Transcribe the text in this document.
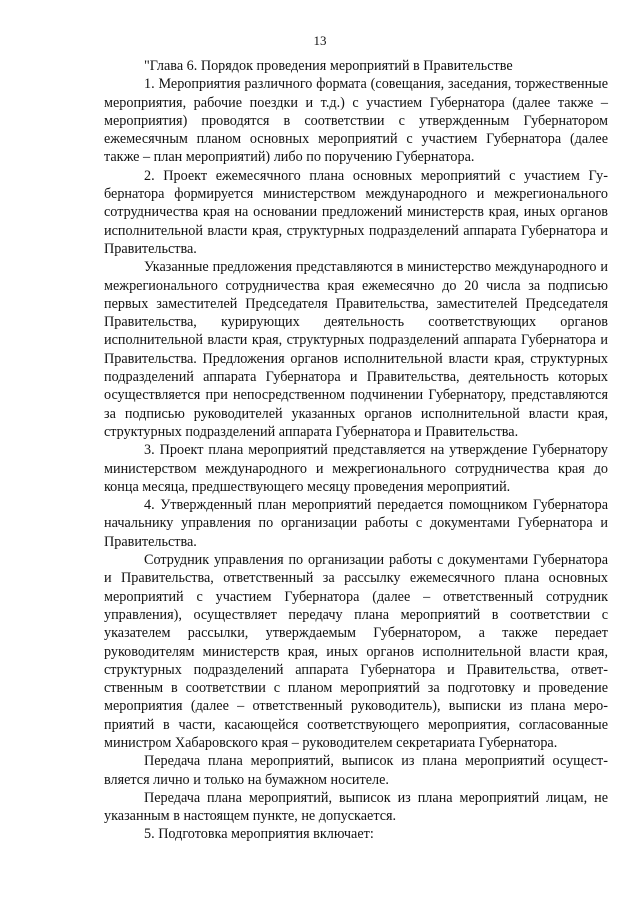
13

"Глава 6. Порядок проведения мероприятий в Правительстве

1. Мероприятия различного формата (совещания, заседания, торжественные мероприятия, рабочие поездки и т.д.) с участием Губернатора (далее также – мероприятия) проводятся в соответствии с утвержденным Губернатором ежемесячным планом основных мероприятий с участием Губернатора (далее также – план мероприятий) либо по поручению Губернатора.

2. Проект ежемесячного плана основных мероприятий с участием Губернатора формируется министерством международного и межрегионального сотрудничества края на основании предложений министерств края, иных органов исполнительной власти края, структурных подразделений аппарата Губернатора и Правительства.

Указанные предложения представляются в министерство международного и межрегионального сотрудничества края ежемесячно до 20 числа за подписью первых заместителей Председателя Правительства, заместителей Председателя Правительства, курирующих деятельность соответствующих органов исполнительной власти края, структурных подразделений аппарата Губернатора и Правительства. Предложения органов исполнительной власти края, структурных подразделений аппарата Губернатора и Правительства, деятельность которых осуществляется при непосредственном подчинении Губернатору, представляются за подписью руководителей указанных органов исполнительной власти края, структурных подразделений аппарата Губернатора и Правительства.

3. Проект плана мероприятий представляется на утверждение Губернатору министерством международного и межрегионального сотрудничества края до конца месяца, предшествующего месяцу проведения мероприятий.

4. Утвержденный план мероприятий передается помощником Губернатора начальнику управления по организации работы с документами Губернатора и Правительства.

Сотрудник управления по организации работы с документами Губернатора и Правительства, ответственный за рассылку ежемесячного плана основных мероприятий с участием Губернатора (далее – ответственный сотрудник управления), осуществляет передачу плана мероприятий в соответствии с указателем рассылки, утверждаемым Губернатором, а также передает руководителям министерств края, иных органов исполнительной власти края, структурных подразделений аппарата Губернатора и Правительства, ответственным в соответствии с планом мероприятий за подготовку и проведение мероприятия (далее – ответственный руководитель), выписки из плана мероприятий в части, касающейся соответствующего мероприятия, согласованные министром Хабаровского края – руководителем секретариата Губернатора.

Передача плана мероприятий, выписок из плана мероприятий осуществляется лично и только на бумажном носителе.

Передача плана мероприятий, выписок из плана мероприятий лицам, не указанным в настоящем пункте, не допускается.

5. Подготовка мероприятия включает:
